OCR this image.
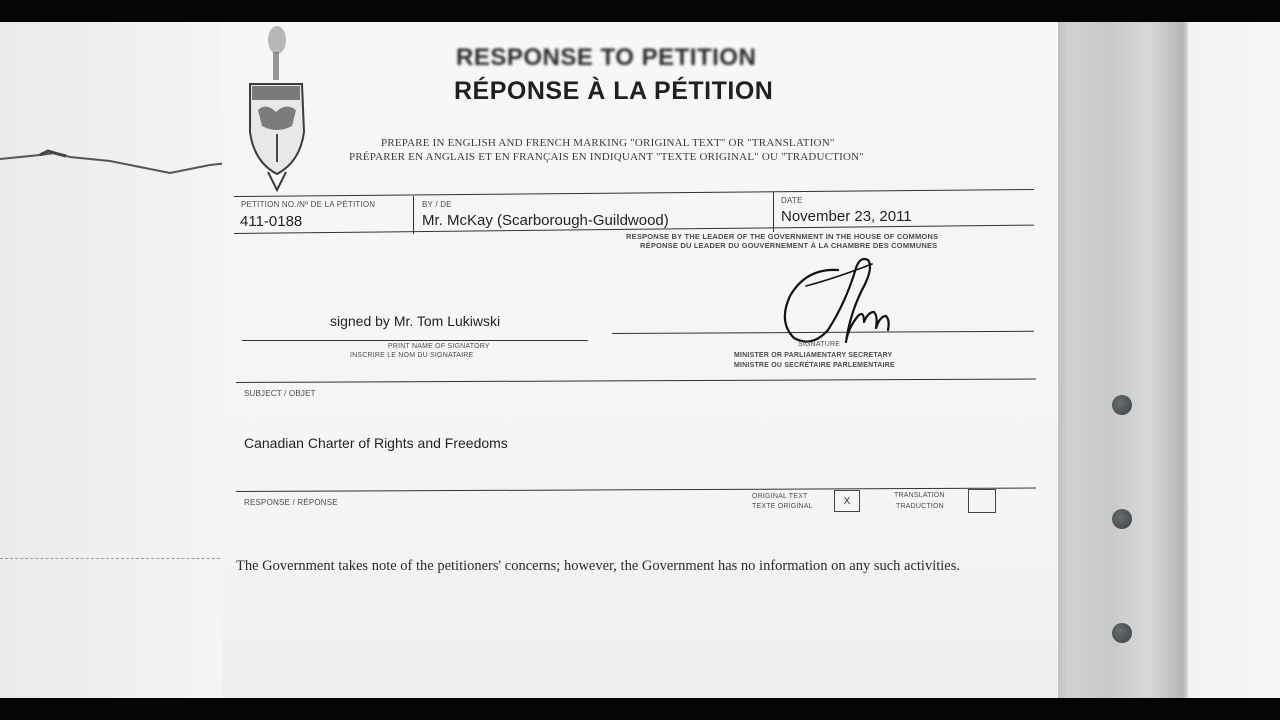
RESPONSE TO PETITION
RÉPONSE À LA PÉTITION
PREPARE IN ENGLISH AND FRENCH MARKING "ORIGINAL TEXT" OR "TRANSLATION"
PRÉPARER EN ANGLAIS ET EN FRANÇAIS EN INDIQUANT "TEXTE ORIGINAL" OU "TRADUCTION"
PETITION NO./Nº DE LA PÉTITION
411-0188
BY / DE
Mr. McKay (Scarborough-Guildwood)
DATE
November 23, 2011
RESPONSE BY THE LEADER OF THE GOVERNMENT IN THE HOUSE OF COMMONS
RÉPONSE DU LEADER DU GOUVERNEMENT À LA CHAMBRE DES COMMUNES
signed by Mr. Tom Lukiwski
PRINT NAME OF SIGNATORY
INSCRIRE LE NOM DU SIGNATAIRE
SIGNATURE
MINISTER OR PARLIAMENTARY SECRETARY
MINISTRE OU SECRÉTAIRE PARLEMENTAIRE
SUBJECT / OBJET
Canadian Charter of Rights and Freedoms
RESPONSE / RÉPONSE
ORIGINAL TEXT
TEXTE ORIGINAL	X
TRANSLATION
TRADUCTION
The Government takes note of the petitioners' concerns; however, the Government has no information on any such activities.
